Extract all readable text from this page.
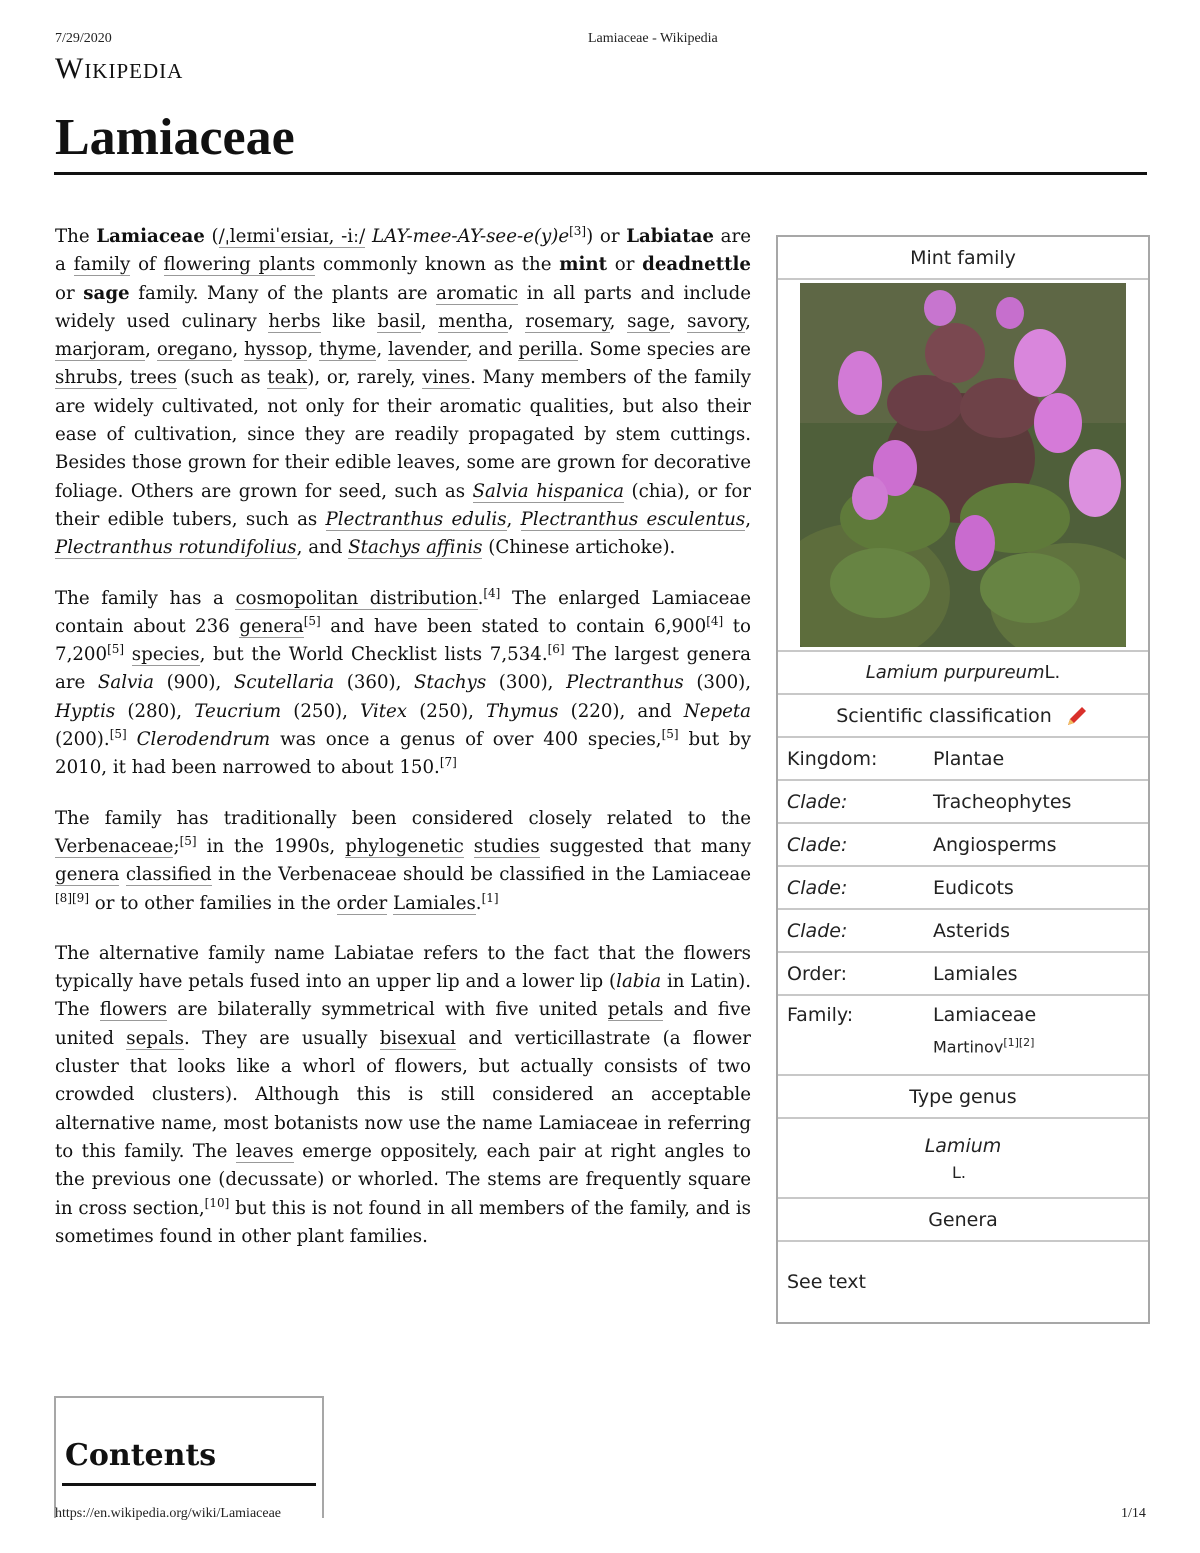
7/29/2020	Lamiaceae - Wikipedia
Wikipedia
Lamiaceae

The Lamiaceae (/ˌleɪmiˈeɪsiaɪ, -iː/ LAY-mee-AY-see-e(y)e[3]) or Labiatae are a family of flowering plants commonly known as the mint or deadnettle or sage family. Many of the plants are aromatic in all parts and include widely used culinary herbs like basil, mentha, rosemary, sage, savory, marjoram, oregano, hyssop, thyme, lavender, and perilla. Some species are shrubs, trees (such as teak), or, rarely, vines. Many members of the family are widely cultivated, not only for their aromatic qualities, but also their ease of cultivation, since they are readily propagated by stem cuttings. Besides those grown for their edible leaves, some are grown for decorative foliage. Others are grown for seed, such as Salvia hispanica (chia), or for their edible tubers, such as Plectranthus edulis, Plectranthus esculentus, Plectranthus rotundifolius, and Stachys affinis (Chinese artichoke).

The family has a cosmopolitan distribution.[4] The enlarged Lamiaceae contain about 236 genera[5] and have been stated to contain 6,900[4] to 7,200[5] species, but the World Checklist lists 7,534.[6] The largest genera are Salvia (900), Scutellaria (360), Stachys (300), Plectranthus (300), Hyptis (280), Teucrium (250), Vitex (250), Thymus (220), and Nepeta (200).[5] Clerodendrum was once a genus of over 400 species,[5] but by 2010, it had been narrowed to about 150.[7]

The family has traditionally been considered closely related to the Verbenaceae;[5] in the 1990s, phylogenetic studies suggested that many genera classified in the Verbenaceae should be classified in the Lamiaceae [8][9] or to other families in the order Lamiales.[1]

The alternative family name Labiatae refers to the fact that the flowers typically have petals fused into an upper lip and a lower lip (labia in Latin). The flowers are bilaterally symmetrical with five united petals and five united sepals. They are usually bisexual and verticillastrate (a flower cluster that looks like a whorl of flowers, but actually consists of two crowded clusters). Although this is still considered an acceptable alternative name, most botanists now use the name Lamiaceae in referring to this family. The leaves emerge oppositely, each pair at right angles to the previous one (decussate) or whorled. The stems are frequently square in cross section,[10] but this is not found in all members of the family, and is sometimes found in other plant families.

Mint family
Lamium purpureum L.
Scientific classification
Kingdom:	Plantae
Clade:	Tracheophytes
Clade:	Angiosperms
Clade:	Eudicots
Clade:	Asterids
Order:	Lamiales
Family:	Lamiaceae
Martinov[1][2]
Type genus
Lamium
L.
Genera
See text
Contents
https://en.wikipedia.org/wiki/Lamiaceae	1/14
